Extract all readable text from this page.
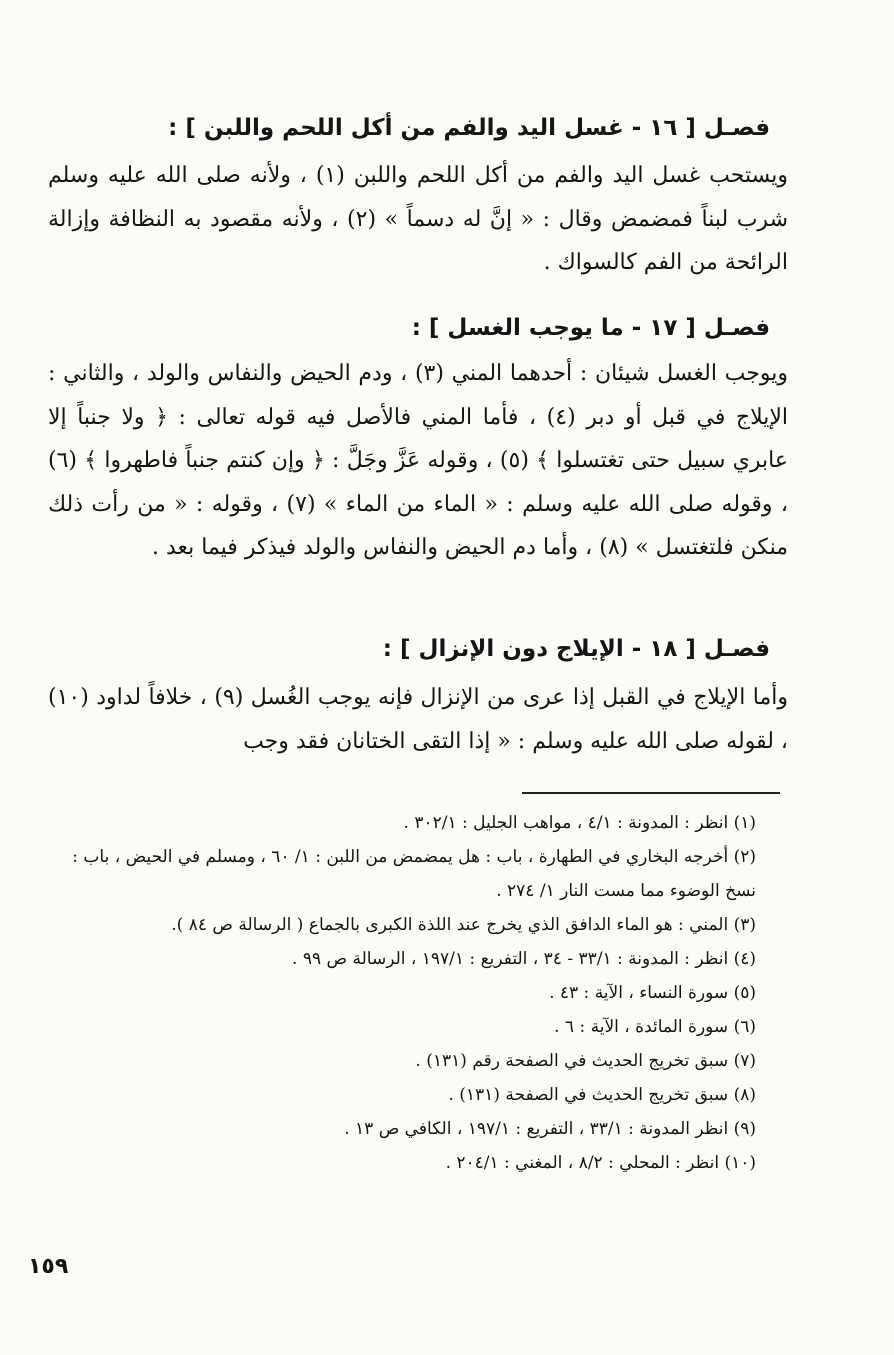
فصـل [ ١٦ - غسل اليد والفم من أكل اللحم واللبن ] :

ويستحب غسل اليد والفم من أكل اللحم واللبن (١) ، ولأنه صلى الله عليه وسلم شرب لبناً فمضمض وقال : « إنَّ له دسماً » (٢) ، ولأنه مقصود به النظافة وإزالة الرائحة من الفم كالسواك .

فصـل [ ١٧ - ما يوجب الغسل ] :

ويوجب الغسل شيئان : أحدهما المني (٣) ، ودم الحيض والنفاس والولد ، والثاني : الإيلاج في قبل أو دبر (٤) ، فأما المني فالأصل فيه قوله تعالى : ﴿ ولا جنباً إلا عابري سبيل حتى تغتسلوا ﴾ (٥) ، وقوله عَزَّ وجَلَّ : ﴿ وإن كنتم جنباً فاطهروا ﴾ (٦) ، وقوله صلى الله عليه وسلم : « الماء من الماء » (٧) ، وقوله : « من رأت ذلك منكن فلتغتسل » (٨) ، وأما دم الحيض والنفاس والولد فيذكر فيما بعد .

فصـل [ ١٨ - الإيلاج دون الإنزال ] :

وأما الإيلاج في القبل إذا عرى من الإنزال فإنه يوجب الغُسل (٩) ، خلافاً لداود (١٠) ، لقوله صلى الله عليه وسلم : « إذا التقى الختانان فقد وجب

(١) انظر : المدونة : ٤/١ ، مواهب الجليل : ٣٠٢/١ .

(٢) أخرجه البخاري في الطهارة ، باب : هل يمضمض من اللبن : ١/ ٦٠ ، ومسلم في الحيض ، باب : نسخ الوضوء مما مست النار ١/ ٢٧٤ .

(٣) المني : هو الماء الدافق الذي يخرج عند اللذة الكبرى بالجماع ( الرسالة ص ٨٤ ).

(٤) انظر : المدونة : ٣٣/١ - ٣٤ ، التفريع : ١٩٧/١ ، الرسالة ص ٩٩ .

(٥) سورة النساء ، الآية : ٤٣ .

(٦) سورة المائدة ، الآية : ٦ .

(٧) سبق تخريج الحديث في الصفحة رقم (١٣١) .

(٨) سبق تخريج الحديث في الصفحة (١٣١) .

(٩) انظر المدونة : ٣٣/١ ، التفريع : ١٩٧/١ ، الكافي ص ١٣ .

(١٠) انظر : المحلي : ٨/٢ ، المغني : ٢٠٤/١ .

١٥٩
